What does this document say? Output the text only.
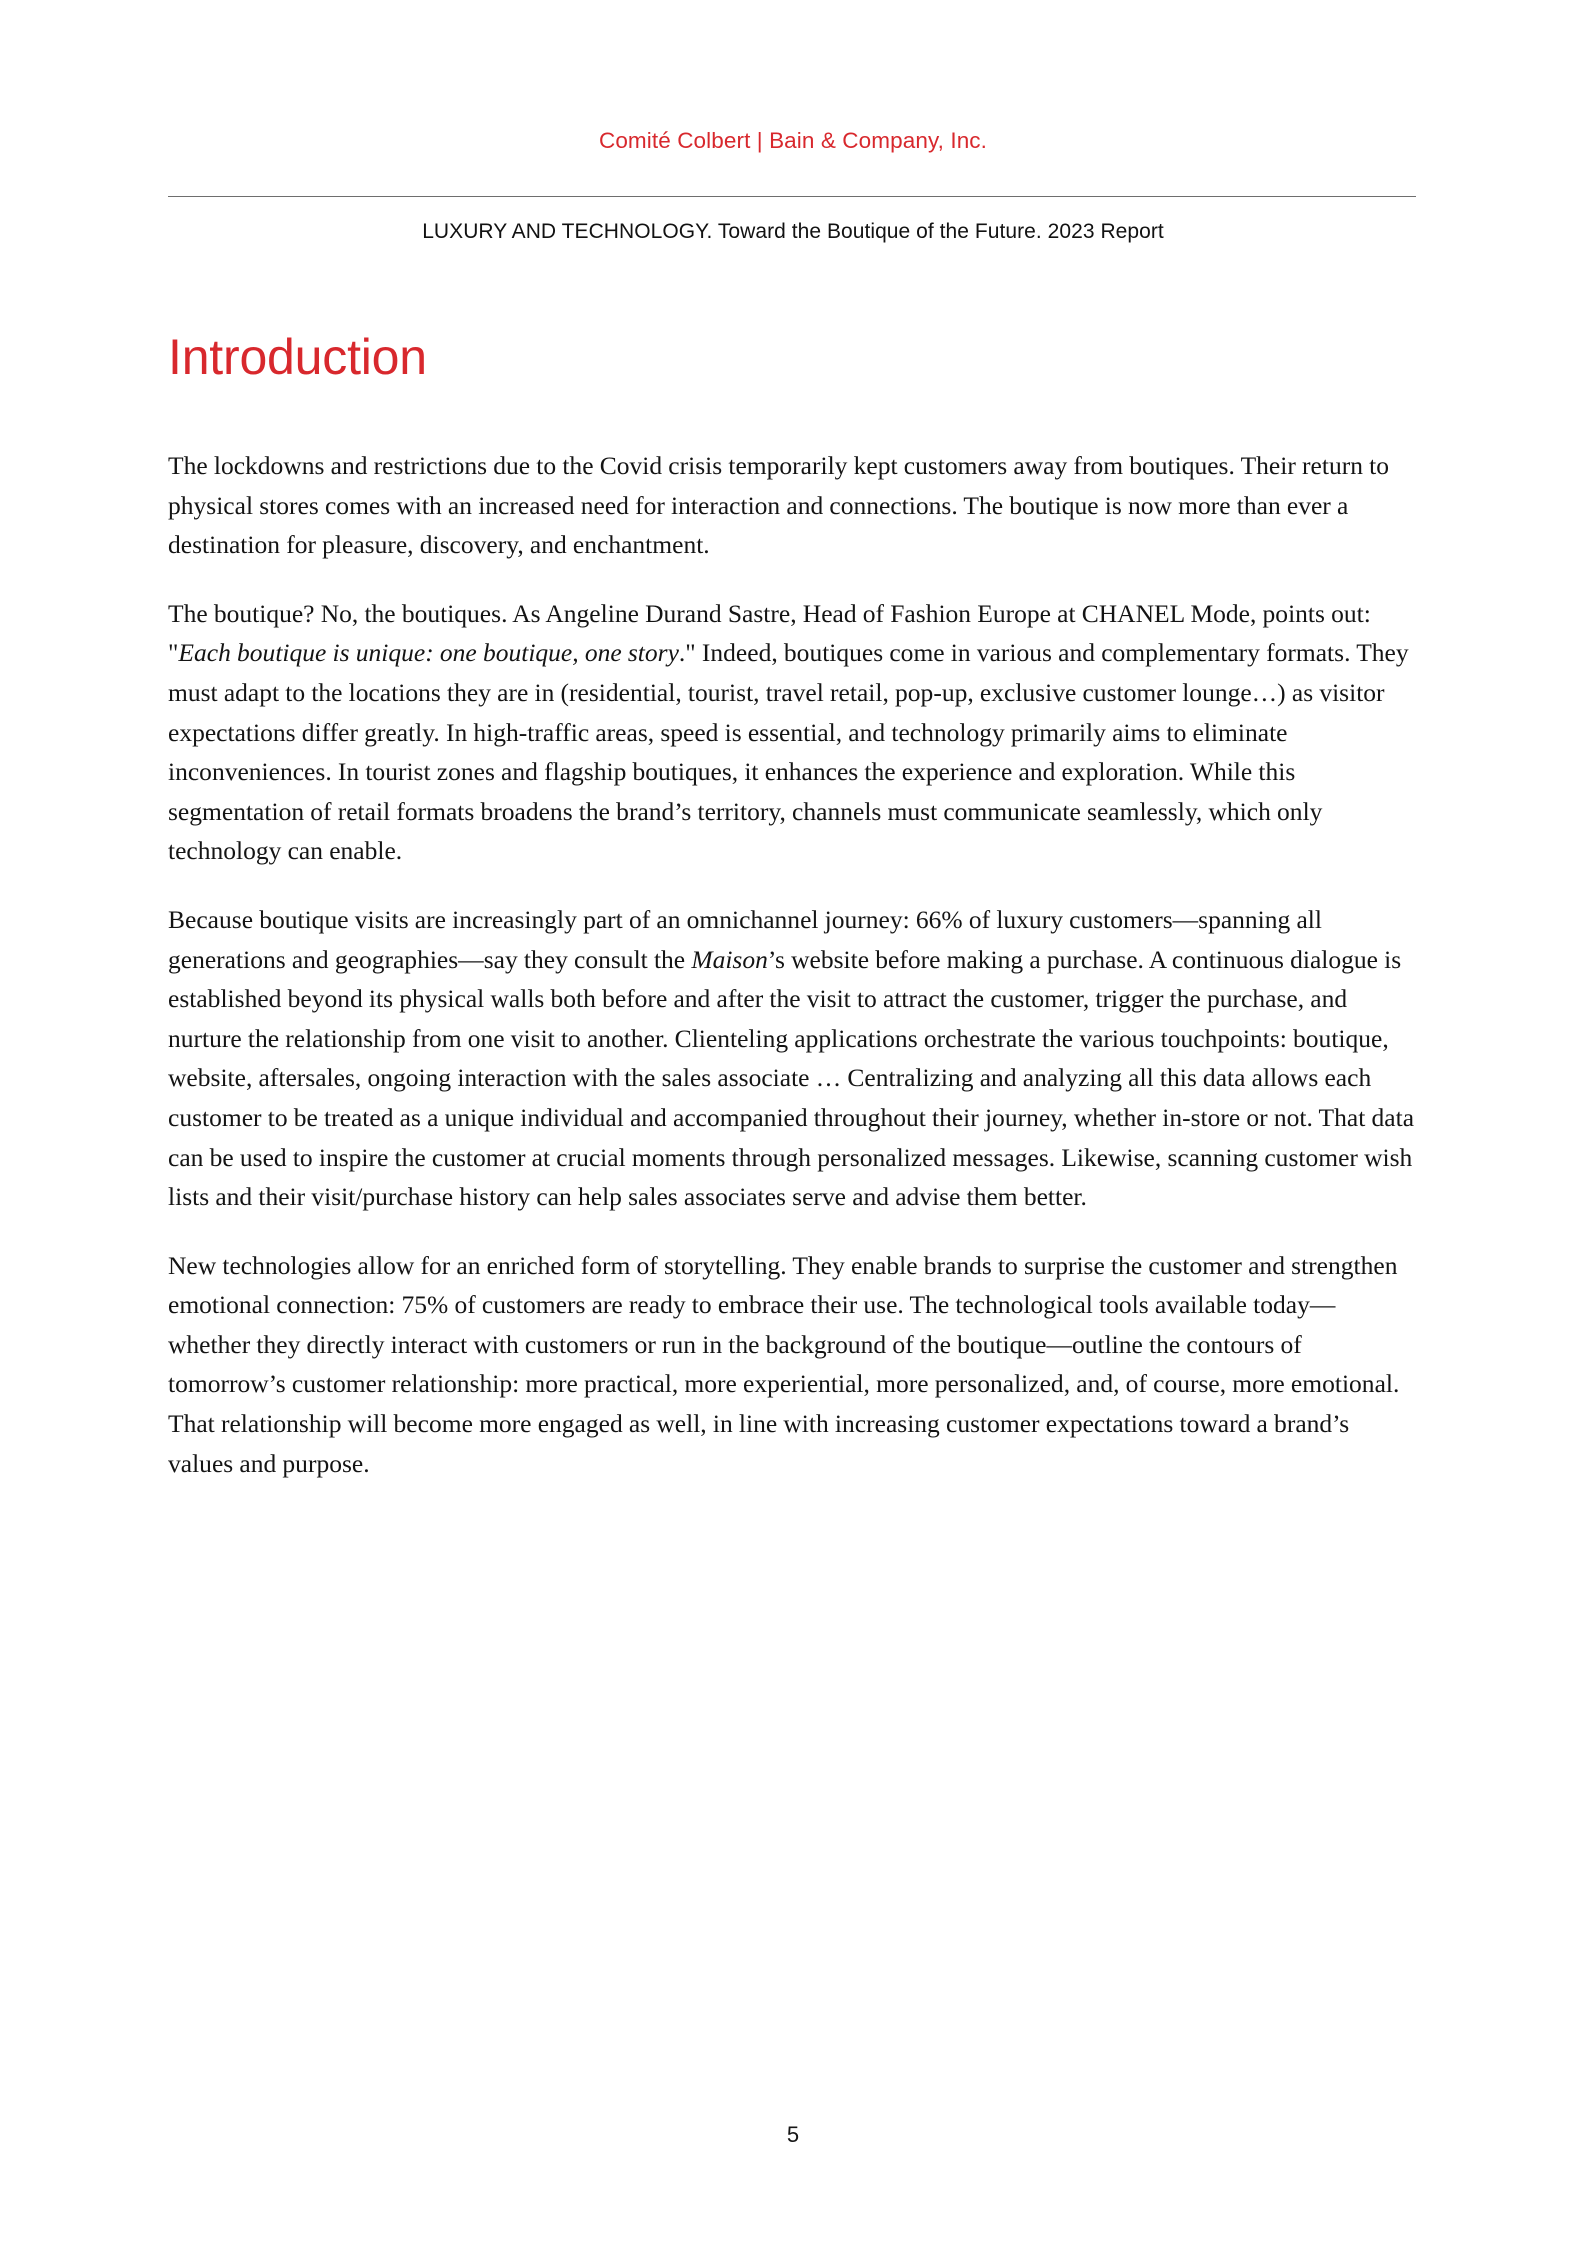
Comité Colbert | Bain & Company, Inc.
LUXURY AND TECHNOLOGY. Toward the Boutique of the Future. 2023 Report
Introduction

The lockdowns and restrictions due to the Covid crisis temporarily kept customers away from boutiques. Their return to physical stores comes with an increased need for interaction and connections. The boutique is now more than ever a destination for pleasure, discovery, and enchantment.

The boutique? No, the boutiques. As Angeline Durand Sastre, Head of Fashion Europe at CHANEL Mode, points out: "Each boutique is unique: one boutique, one story." Indeed, boutiques come in various and complementary formats. They must adapt to the locations they are in (residential, tourist, travel retail, pop-up, exclusive customer lounge…) as visitor expectations differ greatly. In high-traffic areas, speed is essential, and technology primarily aims to eliminate inconveniences. In tourist zones and flagship boutiques, it enhances the experience and exploration. While this segmentation of retail formats broadens the brand’s territory, channels must communicate seamlessly, which only technology can enable.

Because boutique visits are increasingly part of an omnichannel journey: 66% of luxury customers—spanning all generations and geographies—say they consult the Maison’s website before making a purchase. A continuous dialogue is established beyond its physical walls both before and after the visit to attract the customer, trigger the purchase, and nurture the relationship from one visit to another. Clienteling applications orchestrate the various touchpoints: boutique, website, aftersales, ongoing interaction with the sales associate … Centralizing and analyzing all this data allows each customer to be treated as a unique individual and accompanied throughout their journey, whether in-store or not. That data can be used to inspire the customer at crucial moments through personalized messages. Likewise, scanning customer wish lists and their visit/purchase history can help sales associates serve and advise them better.

New technologies allow for an enriched form of storytelling. They enable brands to surprise the customer and strengthen emotional connection: 75% of customers are ready to embrace their use. The technological tools available today—whether they directly interact with customers or run in the background of the boutique—outline the contours of tomorrow’s customer relationship: more practical, more experiential, more personalized, and, of course, more emotional. That relationship will become more engaged as well, in line with increasing customer expectations toward a brand’s values and purpose.

5
